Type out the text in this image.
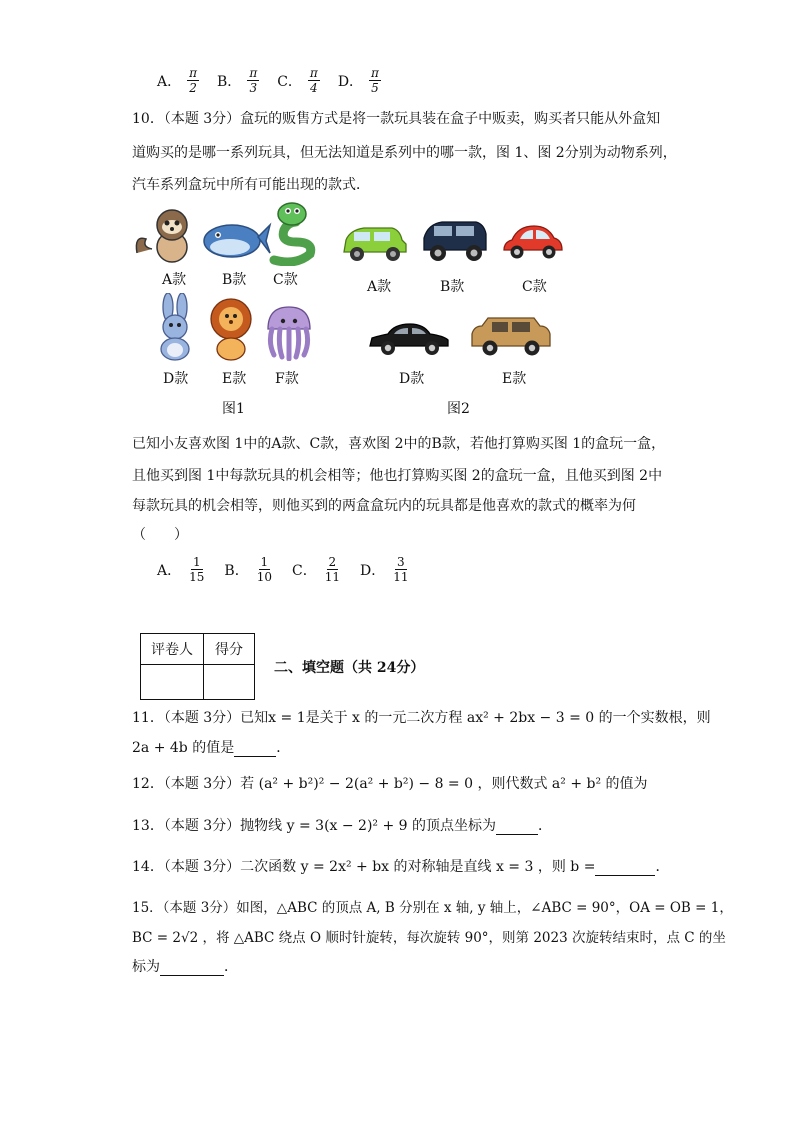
A． $\frac{\pi}{2}$ B． $\frac{\pi}{3}$ C． $\frac{\pi}{4}$ D． $\frac{\pi}{5}$
10．（本题 3分）盒玩的贩售方式是将一款玩具装在盒子中贩卖，购买者只能从外盒知
道购买的是哪一系列玩具，但无法知道是系列中的哪一款，图 1、图 2分别为动物系列，
汽车系列盒玩中所有可能出现的款式．
A款	B款 C款
D款 E款 F款
图1
A款	B款	C款
D款	E款
图2
已知小友喜欢图 1中的A款、C款，喜欢图 2中的B款，若他打算购买图 1的盒玩一盒，
且他买到图 1中每款玩具的机会相等；他也打算购买图 2的盒玩一盒，且他买到图 2中
每款玩具的机会相等，则他买到的两盒盒玩内的玩具都是他喜欢的款式的概率为何
（　　）
A． $\frac{1}{15}$ B． $\frac{1}{10}$ C． $\frac{2}{11}$ D． $\frac{3}{11}$
评卷人	得分

二、填空题（共 24分）
11．（本题 3分）已知x = 1是关于 x 的一元二次方程 ax² + 2bx − 3 = 0 的一个实数根，则
2a + 4b 的值是	．
12．（本题 3分）若 (a² + b²)² − 2(a² + b²) − 8 = 0 ，则代数式 a² + b² 的值为
13．（本题 3分）抛物线 y = 3(x − 2)² + 9 的顶点坐标为	．
14．（本题 3分）二次函数 y = 2x² + bx 的对称轴是直线 x = 3 ，则 b =	．
15．（本题 3分）如图，△ABC 的顶点 A, B 分别在 x 轴, y 轴上，∠ABC = 90°，OA = OB = 1，
BC = 2√2 ，将 △ABC 绕点 O 顺时针旋转，每次旋转 90°，则第 2023 次旋转结束时，点 C 的坐
标为	．
